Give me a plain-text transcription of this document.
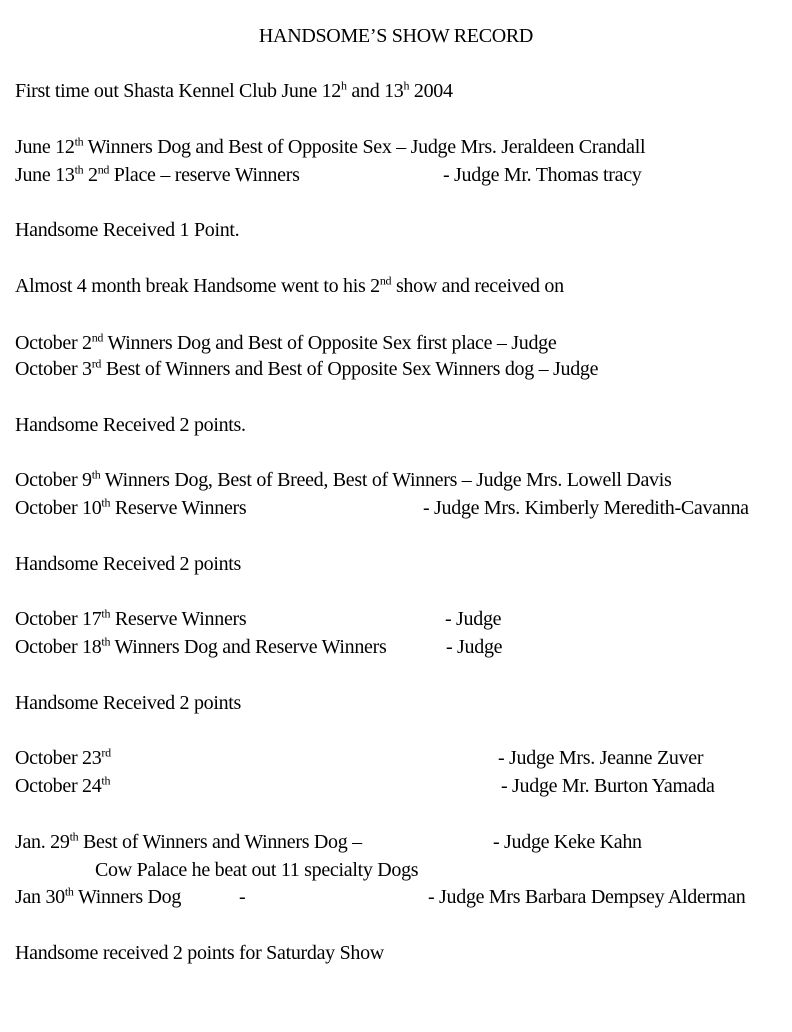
HANDSOME’S SHOW RECORD
First time out Shasta Kennel Club June 12$^h$ and 13$^h$ 2004
June 12th Winners Dog and Best of Opposite Sex – Judge Mrs. Jeraldeen Crandall
June 13th 2nd Place – reserve Winners	- Judge Mr. Thomas tracy
Handsome Received 1 Point.
Almost 4 month break Handsome went to his 2nd show and received on
October 2nd Winners Dog and Best of Opposite Sex first place – Judge
October 3rd Best of Winners and Best of Opposite Sex Winners dog – Judge
Handsome Received 2 points.
October 9th Winners Dog, Best of Breed, Best of Winners – Judge Mrs. Lowell Davis
October 10th Reserve Winners	- Judge Mrs. Kimberly Meredith-Cavanna
Handsome Received 2 points
October 17th Reserve Winners	- Judge
October 18th Winners Dog and Reserve Winners	- Judge
Handsome Received 2 points
October 23rd	- Judge Mrs. Jeanne Zuver
October 24th	- Judge Mr. Burton Yamada
Jan. 29th Best of Winners and Winners Dog –	- Judge Keke Kahn
Cow Palace he beat out 11 specialty Dogs
Jan 30th Winners Dog	-	- Judge Mrs Barbara Dempsey Alderman
Handsome received 2 points for Saturday Show
